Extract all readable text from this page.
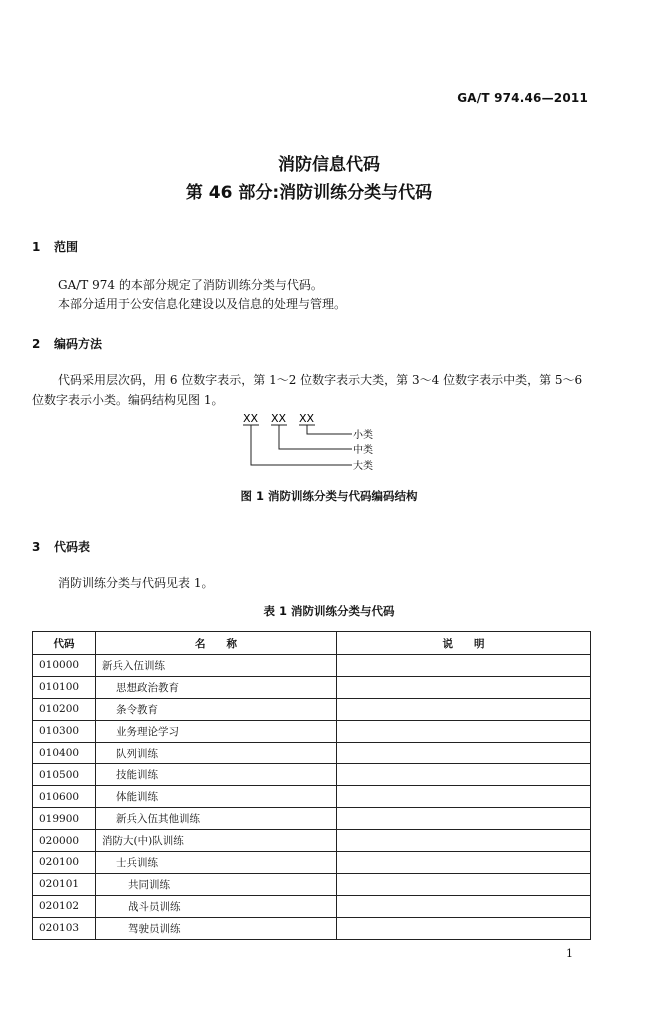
GA/T 974.46—2011
消防信息代码
第 46 部分:消防训练分类与代码
1 范围
GA/T 974 的本部分规定了消防训练分类与代码。
本部分适用于公安信息化建设以及信息的处理与管理。
2 编码方法
代码采用层次码，用 6 位数字表示，第 1～2 位数字表示大类，第 3～4 位数字表示中类，第 5～6 位数字表示小类。编码结构见图 1。
XX XX XX
小类
中类
大类
图 1 消防训练分类与代码编码结构
3 代码表
消防训练分类与代码见表 1。
表 1 消防训练分类与代码
代码	名　　称	说　　明
010000	新兵入伍训练	
010100	思想政治教育	
010200	条令教育	
010300	业务理论学习	
010400	队列训练	
010500	技能训练	
010600	体能训练	
019900	新兵入伍其他训练	
020000	消防大(中)队训练	
020100	士兵训练	
020101	共同训练	
020102	战斗员训练	
020103	驾驶员训练	
1
